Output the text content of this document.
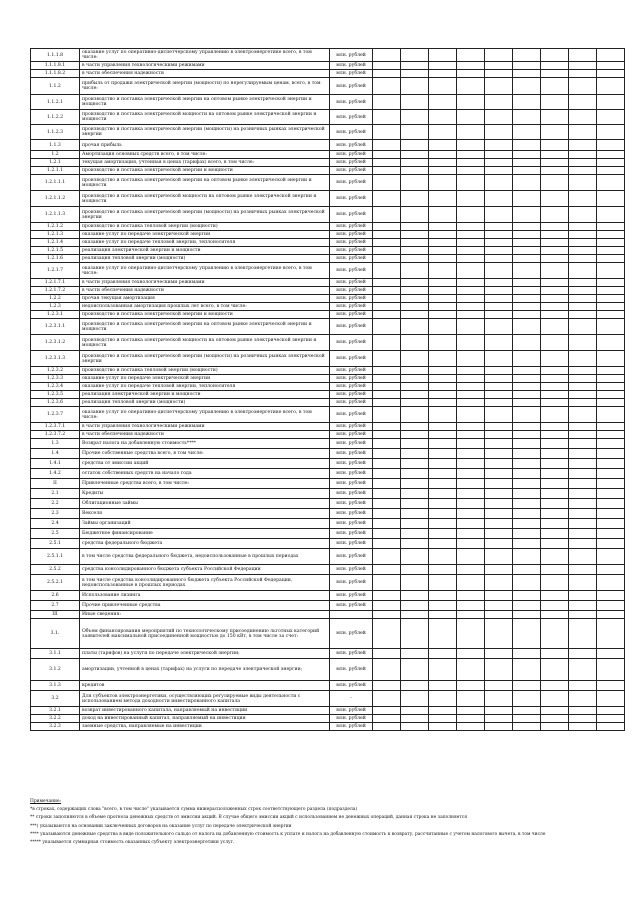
1.1.1.8	оказание услуг по оперативно-диспетчерскому управлению в электроэнергетике всего, в том числе:	млн. рублей									
1.1.1.8.1	в части управления технологическими режимами	млн. рублей									
1.1.1.8.2	в части обеспечения надежности	млн. рублей									
1.1.2	прибыль от продажи электрической энергии (мощности) по нерегулируемым ценам, всего, в том числе:	млн. рублей									
1.1.2.1	производство и поставка электрической энергии на оптовом рынке электрической энергии и мощности	млн. рублей									
1.1.2.2	производство и поставка электрической мощности на оптовом рынке электрической энергии и мощности	млн. рублей									
1.1.2.3	производство и поставка электрической энергии (мощности) на розничных рынках электрической энергии	млн. рублей									
1.1.3	прочая прибыль	млн. рублей									
1.2	Амортизация основных средств всего, в том числе:	млн. рублей									
1.2.1	текущая амортизация, учтенная в ценах (тарифах) всего, в том числе:	млн. рублей									
1.2.1.1	производство и поставка электрической энергии и мощности	млн. рублей									
1.2.1.1.1	производство и поставка электрической энергии на оптовом рынке электрической энергии и мощности	млн. рублей									
1.2.1.1.2	производство и поставка электрической мощности на оптовом рынке электрической энергии и мощности	млн. рублей									
1.2.1.1.3	производство и поставка электрической энергии (мощности) на розничных рынках электрической энергии	млн. рублей									
1.2.1.2	производство и поставка тепловой энергии (мощности)	млн. рублей									
1.2.1.3	оказание услуг по передаче электрической энергии	млн. рублей									
1.2.1.4	оказание услуг по передаче тепловой энергии, теплоносителя	млн. рублей									
1.2.1.5	реализация электрической энергии и мощности	млн. рублей									
1.2.1.6	реализация тепловой энергии (мощности)	млн. рублей									
1.2.1.7	оказание услуг по оперативно-диспетчерскому управлению в электроэнергетике всего, в том числе:	млн. рублей									
1.2.1.7.1	в части управления технологическими режимами	млн. рублей									
1.2.1.7.2	в части обеспечения надежности	млн. рублей									
1.2.2	прочая текущая амортизация	млн. рублей									
1.2.3	недоиспользованная амортизация прошлых лет всего, в том числе:	млн. рублей									
1.2.3.1	производство и поставка электрической энергии и мощности	млн. рублей									
1.2.3.1.1	производство и поставка электрической энергии на оптовом рынке электрической энергии и мощности	млн. рублей									
1.2.3.1.2	производство и поставка электрической мощности на оптовом рынке электрической энергии и мощности	млн. рублей									
1.2.3.1.3	производство и поставка электрической энергии (мощности) на розничных рынках электрической энергии	млн. рублей									
1.2.3.2	производство и поставка тепловой энергии (мощности)	млн. рублей									
1.2.3.3	оказание услуг по передаче электрической энергии	млн. рублей									
1.2.3.4	оказание услуг по передаче тепловой энергии, теплоносителя	млн. рублей									
1.2.3.5	реализация электрической энергии и мощности	млн. рублей									
1.2.3.6	реализация тепловой энергии (мощности)	млн. рублей									
1.2.3.7	оказание услуг по оперативно-диспетчерскому управлению в электроэнергетике всего, в том числе:	млн. рублей									
1.2.3.7.1	в части управления технологическими режимами	млн. рублей									
1.2.3.7.2	в части обеспечения надежности	млн. рублей									
1.3	Возврат налога на добавленную стоимость****	млн. рублей									
1.4	Прочие собственные средства всего, в том числе:	млн. рублей									
1.4.1	средства от эмиссии акций	млн. рублей									
1.4.2	остаток собственных средств на начало года	млн. рублей									
II	Привлеченные средства всего, в том числе:	млн. рублей									
2.1	Кредиты	млн. рублей									
2.2	Облигационные займы	млн. рублей									
2.3	Векселя	млн. рублей									
2.4	Займы организаций	млн. рублей									
2.5	Бюджетное финансирование	млн. рублей									
2.5.1	средства федерального бюджета	млн. рублей									
2.5.1.1	в том числе средства федерального бюджета, недоиспользованные в прошлых периодах	млн. рублей									
2.5.2	средства консолидированного бюджета субъекта Российской Федерации	млн. рублей									
2.5.2.1	в том числе средства консолидированного бюджета субъекта Российской Федерации, недоиспользованные в прошлых периодах	млн. рублей									
2.6	Использование лизинга	млн. рублей									
2.7	Прочие привлеченные средства	млн. рублей									
III	Иные сведения:										
3.1.	Объем финансирования мероприятий по технологическому присоединению льготных категорий заявителей максимальной присоединенной мощностью до 150 кВт, в том числе за счет:	млн. рублей									
3.1.1	платы (тарифов) на услуги по передаче электрической энергии;	млн. рублей									
3.1.2	амортизации, учтенной в ценах (тарифах) на услуги по передаче электрической энергии;	млн. рублей									
3.1.3	кредитов	млн. рублей									
3.2	Для субъектов электроэнергетики, осуществляющих регулируемые виды деятельности с использованием метода доходности инвестированного капитала	-									
3.2.1	возврат инвестированного капитала, направляемый на инвестиции	млн. рублей									
3.2.2	доход на инвестированный капитал, направляемый на инвестиции	млн. рублей									
3.2.3	заемные средства, направляемые на инвестиции	млн. рублей									
Примечание:
*в строках, содержащих слова "всего, в том числе" указывается сумма нижерасположенных строк соответствующего раздела (подраздела)
** строки заполняются в объеме прогноза денежных средств от эмиссии акций. В случае общего эмиссии акций с использованием не денежных операций, данная строка не заполняется
***) указываются на основании заключенных договоров на оказание услуг по передаче электрической энергии
**** указываются денежные средства в виде положительного сальдо от налога на добавленную стоимость к уплате и налога на добавленную стоимость к возврату, рассчитанные с учетом налогового вычета, в том числе
***** указывается суммарная стоимость оказанных субъекту электроэнергетики услуг.
